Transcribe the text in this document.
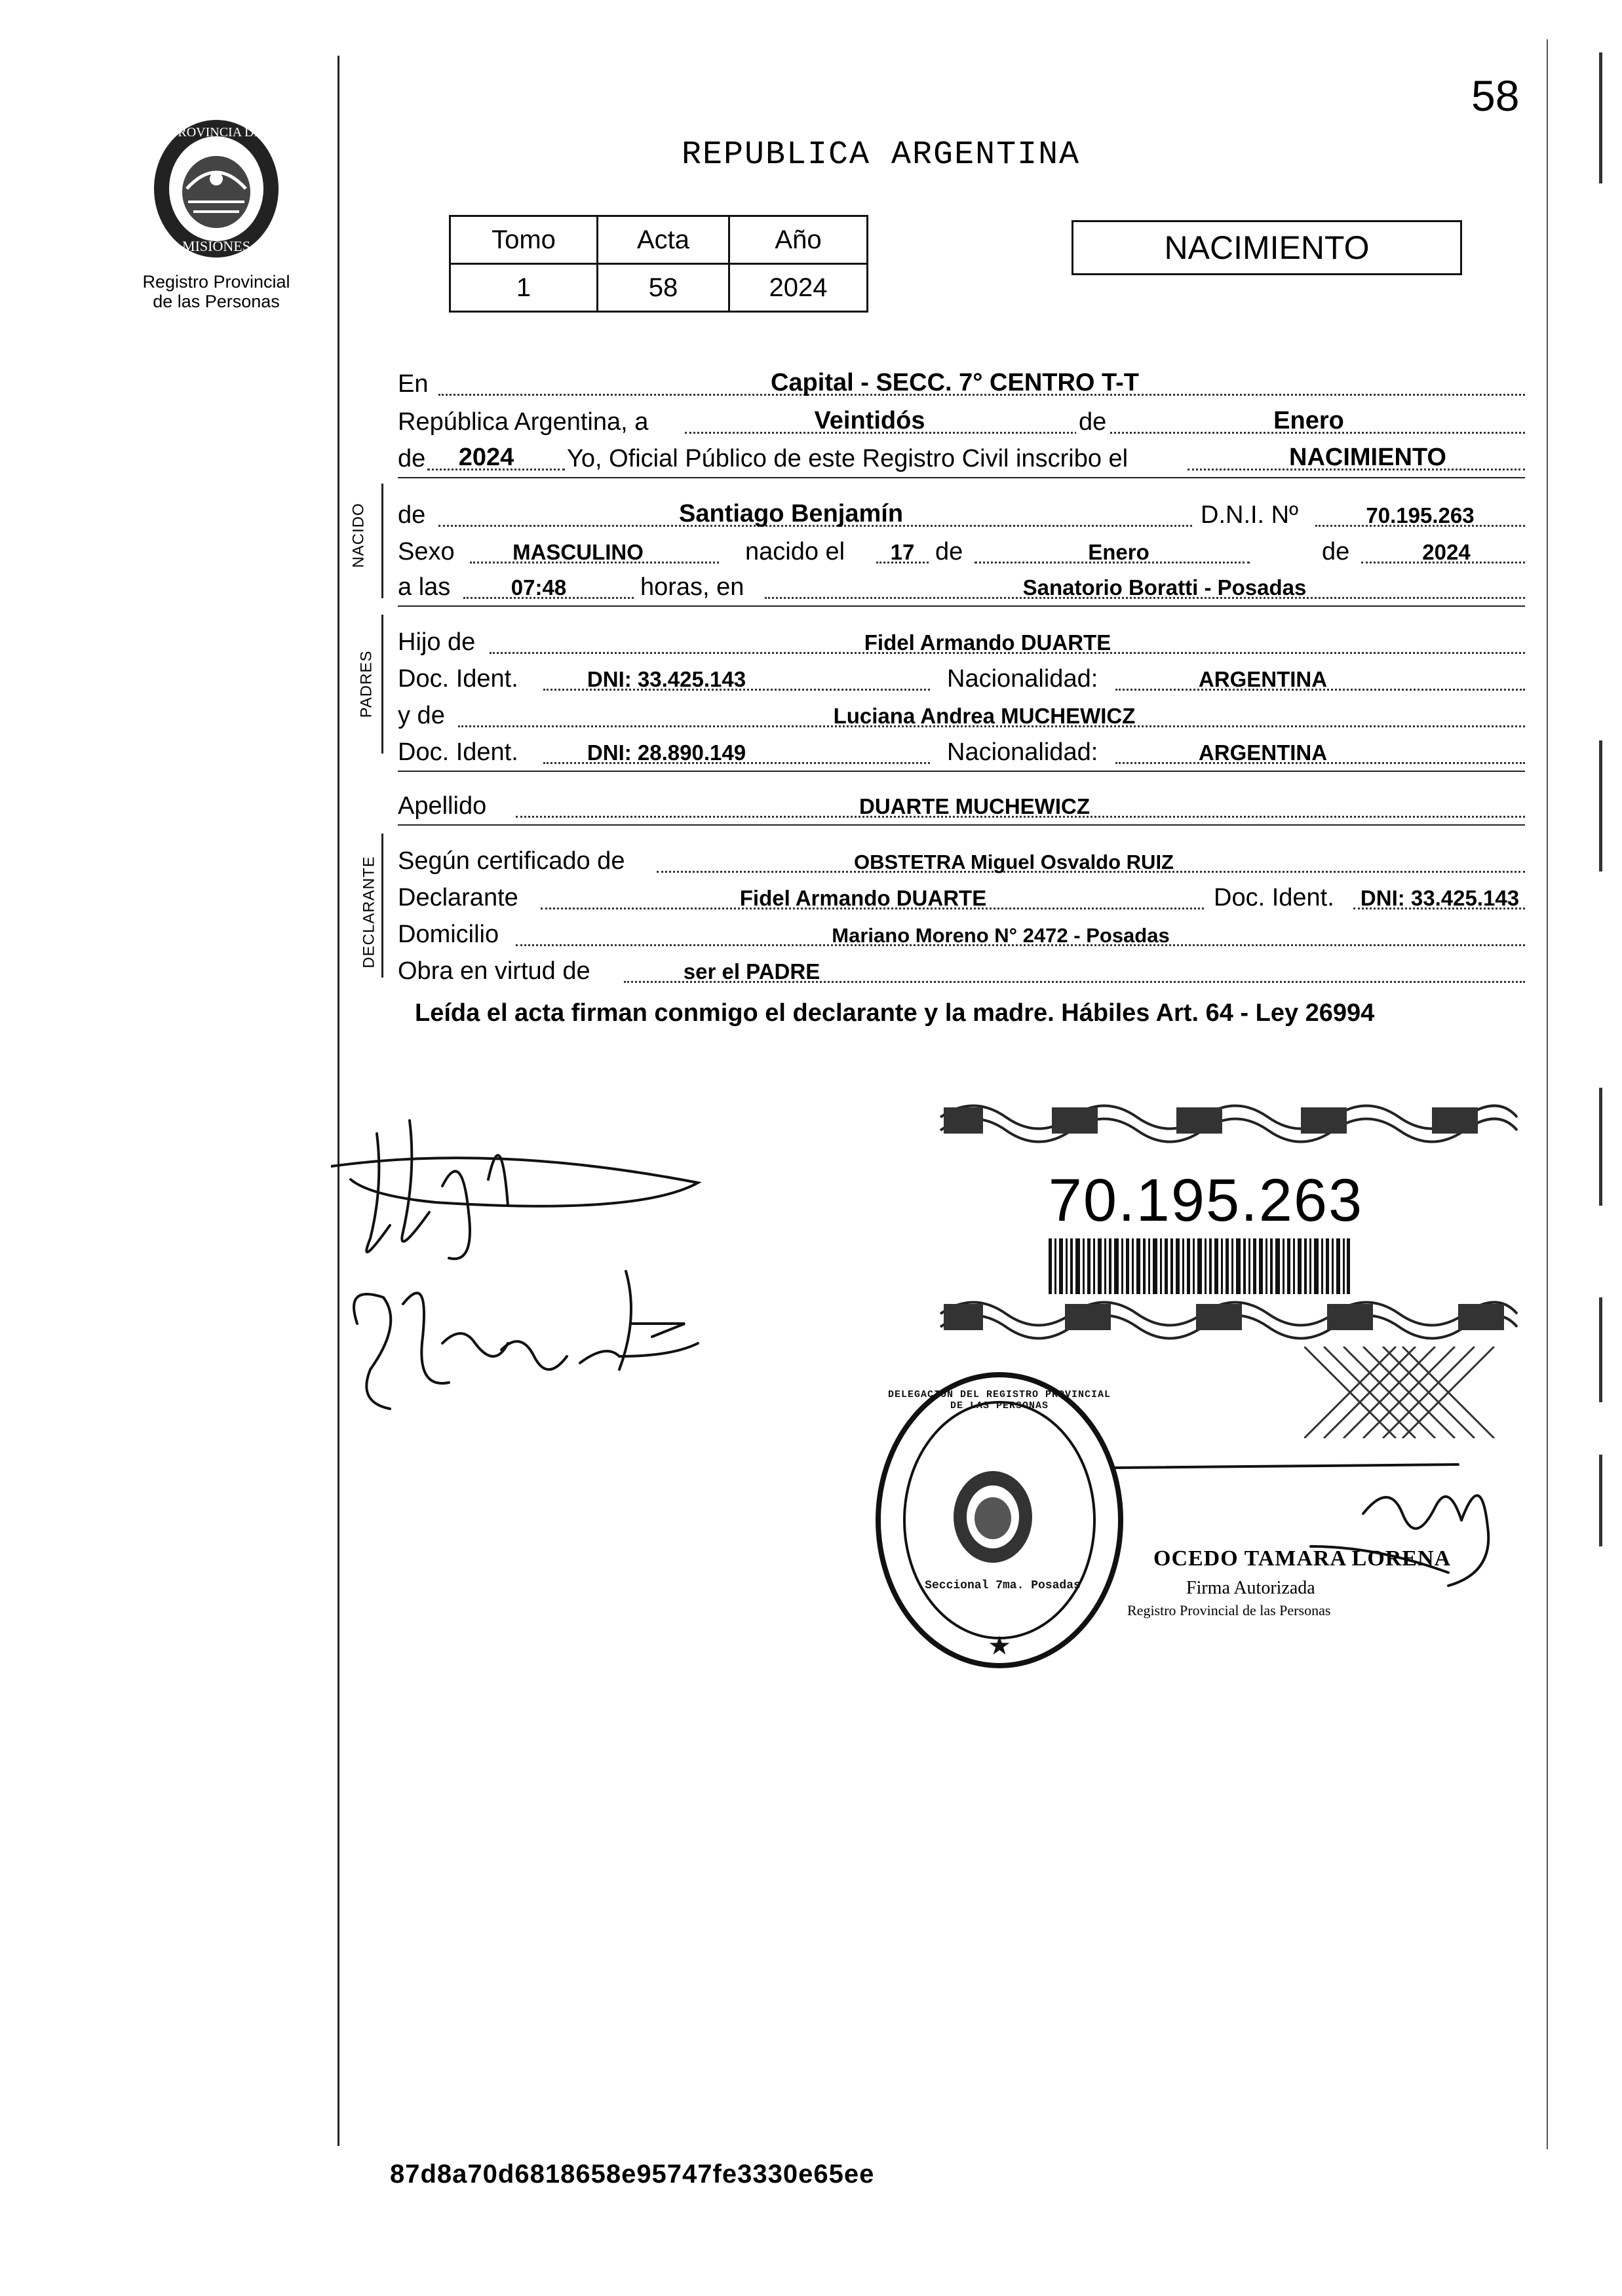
PROVINCIA DE
MISIONES
Registro Provincial
de las Personas
58
REPUBLICA ARGENTINA
Tomo	Acta	Año
1	58	2024
NACIMIENTO
En	Capital - SECC. 7° CENTRO T-T
República Argentina, a	Veintidós	de	Enero
de	2024	Yo, Oficial Público de este Registro Civil inscribo el	NACIMIENTO
NACIDO de	Santiago Benjamín	D.N.I. Nº	70.195.263
Sexo	MASCULINO	nacido el	17 de	Enero	de	2024
a las	07:48	horas, en	Sanatorio Boratti - Posadas
PADRES
Hijo de	Fidel Armando DUARTE
Doc. Ident.	DNI: 33.425.143	Nacionalidad:	ARGENTINA
y de	Luciana Andrea MUCHEWICZ
Doc. Ident.	DNI: 28.890.149	Nacionalidad:	ARGENTINA
Apellido	DUARTE MUCHEWICZ
DECLARANTE Según certificado de	OBSTETRA Miguel Osvaldo RUIZ
Declarante	Fidel Armando DUARTE	Doc. Ident.	DNI: 33.425.143
Domicilio	Mariano Moreno N° 2472 - Posadas
Obra en virtud de	ser el PADRE
Leída el acta firman conmigo el declarante y la madre. Hábiles Art. 64 - Ley 26994
70.195.263
★
DELEGACION DEL REGISTRO PROVINCIAL DE LAS PERSONAS
Seccional 7ma. Posadas
OCEDO TAMARA LORENA
Firma Autorizada
Registro Provincial de las Personas
87d8a70d6818658e95747fe3330e65ee
